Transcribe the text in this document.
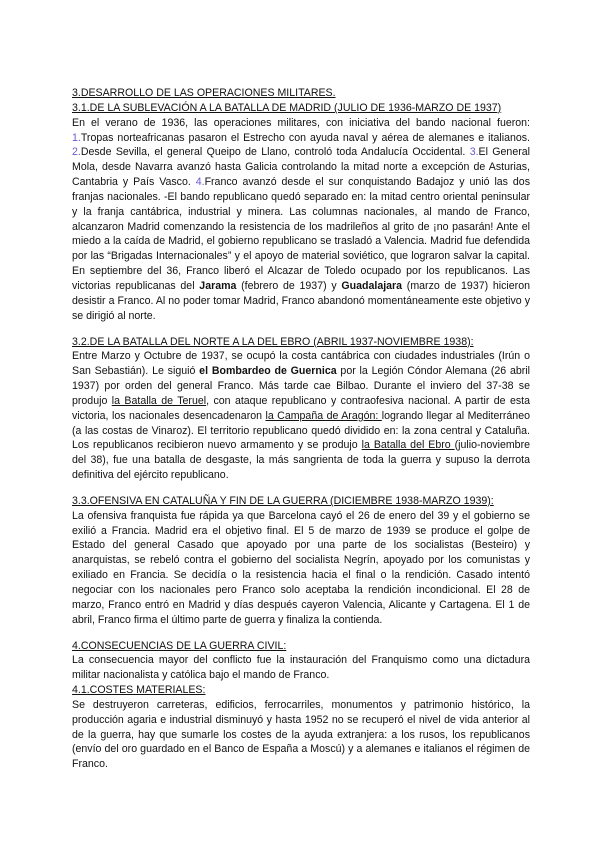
3.DESARROLLO DE LAS OPERACIONES MILITARES.
3.1.DE LA SUBLEVACIÓN A LA BATALLA DE MADRID (JULIO DE 1936-MARZO DE 1937)

En el verano de 1936, las operaciones militares, con iniciativa del bando nacional fueron: 1.Tropas norteafricanas pasaron el Estrecho con ayuda naval y aérea de alemanes e italianos. 2.Desde Sevilla, el general Queipo de Llano, controló toda Andalucía Occidental. 3.El General Mola, desde Navarra avanzó hasta Galicia controlando la mitad norte a excepción de Asturias, Cantabria y País Vasco. 4.Franco avanzó desde el sur conquistando Badajoz y unió las dos franjas nacionales. -El bando republicano quedó separado en: la mitad centro oriental peninsular y la franja cantábrica, industrial y minera. Las columnas nacionales, al mando de Franco, alcanzaron Madrid comenzando la resistencia de los madrileños al grito de ¡no pasarán! Ante el miedo a la caída de Madrid, el gobierno republicano se trasladó a Valencia. Madrid fue defendida por las “Brigadas Internacionales” y el apoyo de material soviético, que lograron salvar la capital. En septiembre del 36, Franco liberó el Alcazar de Toledo ocupado por los republicanos. Las victorias republicanas del Jarama (febrero de 1937) y Guadalajara (marzo de 1937) hicieron desistir a Franco. Al no poder tomar Madrid, Franco abandonó momentáneamente este objetivo y se dirigió al norte.

3.2.DE LA BATALLA DEL NORTE A LA DEL EBRO (ABRIL 1937-NOVIEMBRE 1938):

Entre Marzo y Octubre de 1937, se ocupó la costa cantábrica con ciudades industriales (Irún o San Sebastián). Le siguió el Bombardeo de Guernica por la Legión Cóndor Alemana (26 abril 1937) por orden del general Franco. Más tarde cae Bilbao. Durante el inviero del 37-38 se produjo la Batalla de Teruel, con ataque republicano y contraofesiva nacional. A partir de esta victoria, los nacionales desencadenaron la Campaña de Aragón: logrando llegar al Mediterráneo (a las costas de Vinaroz). El territorio republicano quedó dividido en: la zona central y Cataluña. Los republicanos recibieron nuevo armamento y se produjo la Batalla del Ebro (julio-noviembre del 38), fue una batalla de desgaste, la más sangrienta de toda la guerra y supuso la derrota definitiva del ejército republicano.

3.3.OFENSIVA EN CATALUÑA Y FIN DE LA GUERRA (DICIEMBRE 1938-MARZO 1939):

La ofensiva franquista fue rápida ya que Barcelona cayó el 26 de enero del 39 y el gobierno se exilió a Francia. Madrid era el objetivo final. El 5 de marzo de 1939 se produce el golpe de Estado del general Casado que apoyado por una parte de los socialistas (Besteiro) y anarquistas, se rebeló contra el gobierno del socialista Negrín, apoyado por los comunistas y exiliado en Francia. Se decidía o la resistencia hacia el final o la rendición. Casado intentó negociar con los nacionales pero Franco solo aceptaba la rendición incondicional. El 28 de marzo, Franco entró en Madrid y días después cayeron Valencia, Alicante y Cartagena. El 1 de abril, Franco firma el último parte de guerra y finaliza la contienda.

4.CONSECUENCIAS DE LA GUERRA CIVIL:

La consecuencia mayor del conflicto fue la instauración del Franquismo como una dictadura militar nacionalista y católica bajo el mando de Franco.

4.1.COSTES MATERIALES:

Se destruyeron carreteras, edificios, ferrocarriles, monumentos y patrimonio histórico, la producción agaria e industrial disminuyó y hasta 1952 no se recuperó el nivel de vida anterior al de la guerra, hay que sumarle los costes de la ayuda extranjera: a los rusos, los republicanos (envío del oro guardado en el Banco de España a Moscú) y a alemanes e italianos el régimen de Franco.
